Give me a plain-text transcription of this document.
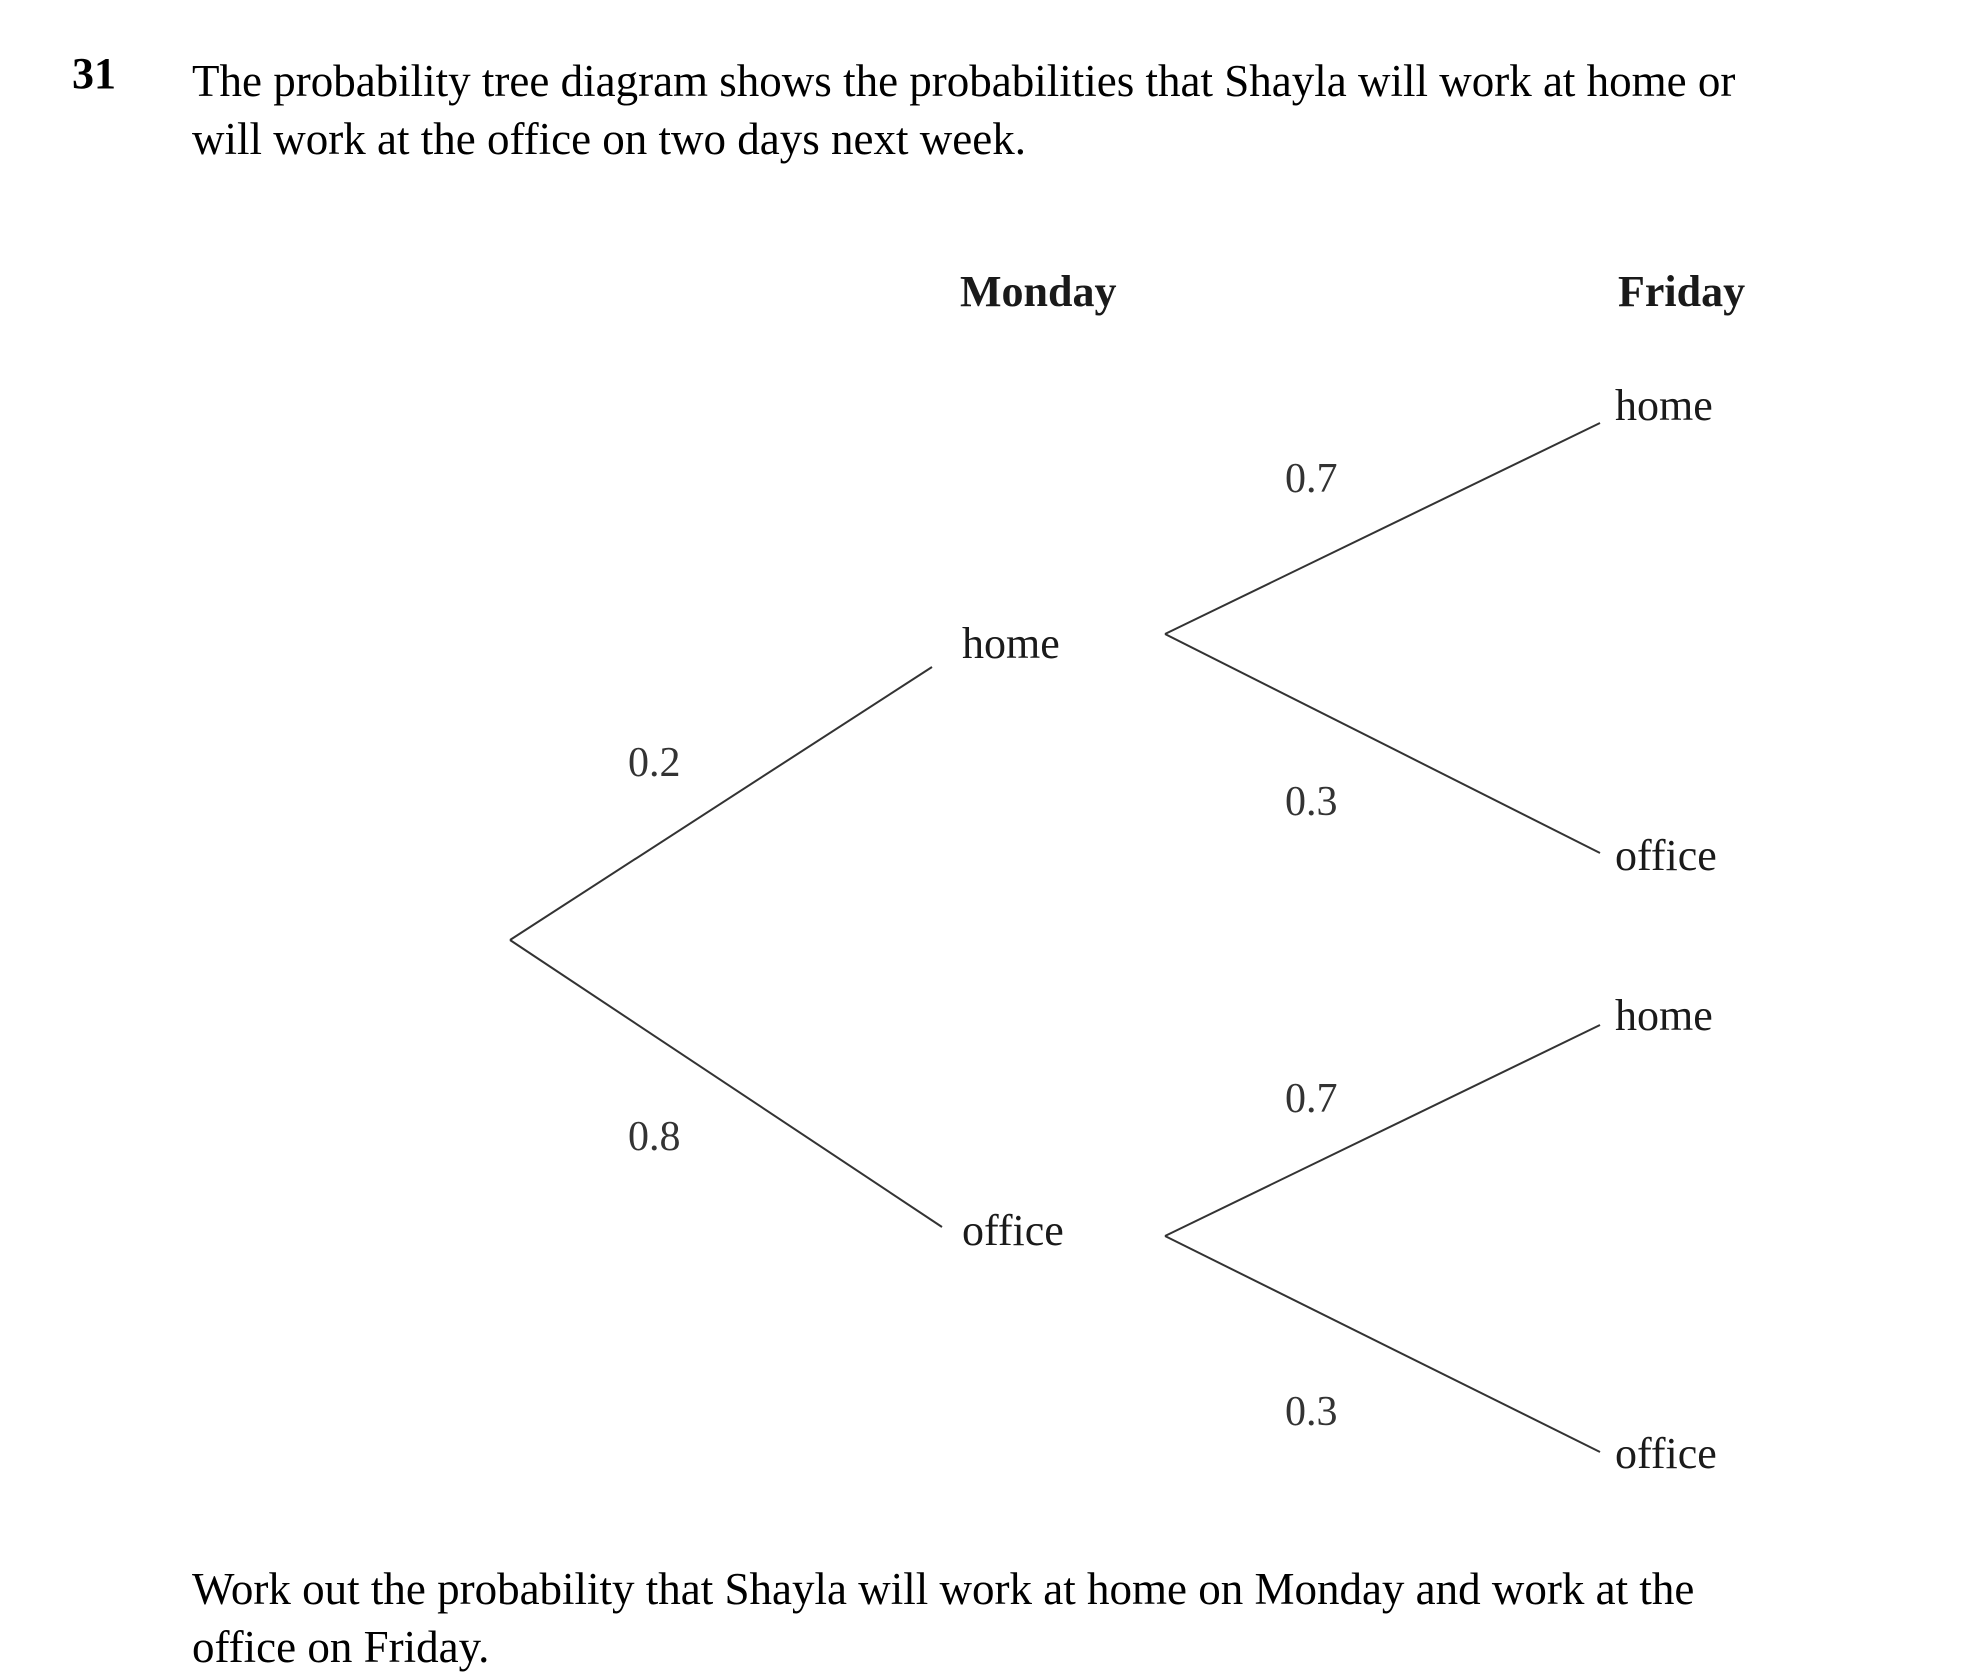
31 The probability tree diagram shows the probabilities that Shayla will work at home or
will work at the office on two days next week.
Monday	Friday
home
office
home
office
home
office
0.2
0.8
0.7
0.3
0.7
0.3
Work out the probability that Shayla will work at home on Monday and work at the
office on Friday.
